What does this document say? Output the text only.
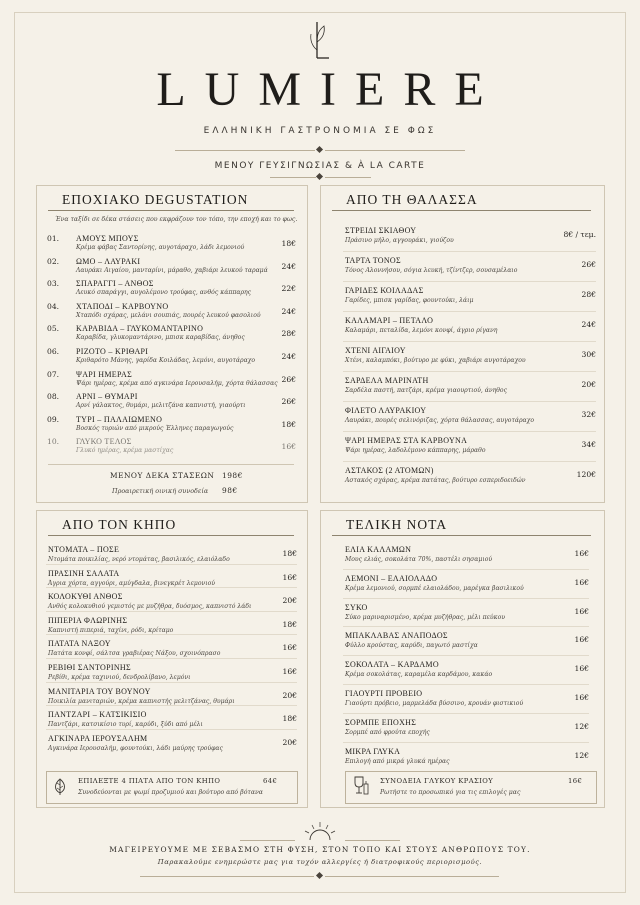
LUMIERE
ΕΛΛΗΝΙΚΗ ΓΑΣΤΡΟΝΟΜΙΑ ΣΕ ΦΩΣ
ΜΕΝΟΥ ΓΕΥΣΙΓΝΩΣΙΑΣ & À LA CARTE
ΕΠΟΧΙΑΚΟ DEGUSTATION
Ένα ταξίδι σε δέκα στάσεις που εκφράζουν τον τόπο, την εποχή και το φως.
01. ΑΜΟΥΣ ΜΠΟΥΣ
Κρέμα φάβας Σαντορίνης, αυγοτάραχο, λάδι λεμονιού	18€
02. ΩΜΟ – ΛΑΥΡΑΚΙ
Λαυράκι Αιγαίου, μανταρίνι, μάραθο, χαβιάρι λευκού ταραμά	24€
03. ΣΠΑΡΑΓΓΙ – ΑΝΘΟΣ
Λευκό σπαράγγι, αυγολέμονο τρούφας, ανθός κάππαρης	22€
04. ΧΤΑΠΟΔΙ – ΚΑΡΒΟΥΝΟ
Χταπόδι σχάρας, μελάνι σουπιάς, πουρές λευκού φασολιού	24€
05. ΚΑΡΑΒΙΔΑ – ΓΛΥΚΟΜΑΝΤΑΡΙΝΟ
Καραβίδα, γλυκομαντάρινο, μπισκ καραβίδας, άνηθος	28€
06. ΡΙΖΟΤΟ – ΚΡΙΘΑΡΙ
Κριθαρότο Μάνης, γαρίδα Κοιλάδας, λεμόνι, αυγοτάραχο	24€
07. ΨΑΡΙ ΗΜΕΡΑΣ
Ψάρι ημέρας, κρέμα από αγκινάρα Ιερουσαλήμ, χόρτα θάλασσας 26€
08. ΑΡΝΙ – ΘΥΜΑΡΙ
Αρνί γάλακτος, θυμάρι, μελιτζάνα καπνιστή, γιαούρτι	26€
09. ΤΥΡΙ – ΠΑΛΑΙΩΜΕΝΟ
Βοσκός τυριών από μικρούς Έλληνες παραγωγούς	18€
10. ΓΛΥΚΟ ΤΕΛΟΣ
Γλυκό ημέρας, κρέμα μαστίχας	16€
ΜΕΝΟΥ ΔΕΚΑ ΣΤΑΣΕΩΝ 198€
Προαιρετική οινική συνοδεία 98€
ΑΠΟ ΤΗ ΘΑΛΑΣΣΑ
ΣΤΡΕΙΔΙ ΣΚΙΑΘΟΥ
Πράσινο μήλο, αγγουράκι, γιούζου
8€ / τεμ.
ΤΑΡΤΑ ΤΟΝΟΣ
Τόνος Αλοννήσου, σόγια λευκή, τζίντζερ, σουσαμέλαιο
26€
ΓΑΡΙΔΕΣ ΚΟΙΛΑΔΑΣ
Γαρίδες, μπισκ γαρίδας, φουντούκι, λάιμ
28€
ΚΑΛΑΜΑΡΙ – ΠΕΤΑΛΟ
Καλαμάρι, πεταλίδα, λεμόνι κονφί, άγριο ρίγανη
24€
ΧΤΕΝΙ ΑΙΓΑΙΟΥ
Χτένι, καλαμπόκι, βούτυρο με φύκι, χαβιάρι αυγοτάραχου
30€
ΣΑΡΔΕΛΑ ΜΑΡΙΝΑΤΗ
Σαρδέλα παστή, πατζάρι, κρέμα γιαουρτιού, άνηθος
20€
ΦΙΛΕΤΟ ΛΑΥΡΑΚΙΟΥ
Λαυράκι, πουρές σελινόριζας, χόρτα θάλασσας, αυγοτάραχο
32€
ΨΑΡΙ ΗΜΕΡΑΣ ΣΤΑ ΚΑΡΒΟΥΝΑ
Ψάρι ημέρας, λαδολέμονο κάππαρης, μάραθο
34€
ΑΣΤΑΚΟΣ (2 ΑΤΟΜΩΝ)
Αστακός σχάρας, κρέμα πατάτας, βούτυρο εσπεριδοειδών
120€
ΑΠΟ ΤΟΝ ΚΗΠΟ
ΝΤΟΜΑΤΑ – ΠΟΣΕ
Ντομάτα ποικιλίας, νερό ντομάτας, βασιλικός, ελαιόλαδο
18€
ΠΡΑΣΙΝΗ ΣΑΛΑΤΑ
Άγρια χόρτα, αγγούρι, αμύγδαλα, βινεγκρέτ λεμονιού
16€
ΚΟΛΟΚΥΘΙ ΑΝΘΟΣ
Ανθός κολοκυθιού γεμιστός με μυζήθρα, δυόσμος, καπνιστό λάδι
20€
ΠΙΠΕΡΙΑ ΦΛΩΡΙΝΗΣ
Καπνιστή πιπεριά, ταχίνι, ρόδι, κρίταμο
18€
ΠΑΤΑΤΑ ΝΑΞΟΥ
Πατάτα κονφί, σάλτσα γραβιέρας Νάξου, σχοινόπρασο
16€
ΡΕΒΙΘΙ ΣΑΝΤΟΡΙΝΗΣ
Ρεβίθι, κρέμα ταχινιού, δενδρολίβανο, λεμόνι
16€
ΜΑΝΙΤΑΡΙΑ ΤΟΥ ΒΟΥΝΟΥ
Ποικιλία μανιταριών, κρέμα καπνιστής μελιτζάνας, θυμάρι
20€
ΠΑΝΤΖΑΡΙ – ΚΑΤΣΙΚΙΣΙΟ
Παντζάρι, κατσικίσιο τυρί, καρύδι, ξύδι από μέλι
18€
ΑΓΚΙΝΑΡΑ ΙΕΡΟΥΣΑΛΗΜ
Αγκινάρα Ιερουσαλήμ, φουντούκι, λάδι μαύρης τρούφας
20€
ΕΠΙΛΕΞΤΕ 4 ΠΙΑΤΑ ΑΠΟ ΤΟΝ ΚΗΠΟ	64€
Συνοδεύονται με ψωμί προζυμιού και βούτυρο από βότανα
ΤΕΛΙΚΗ ΝΟΤΑ
ΕΛΙΑ ΚΑΛΑΜΩΝ
Μους ελιάς, σοκολάτα 70%, παστέλι σησαμιού
16€
ΛΕΜΟΝΙ – ΕΛΑΙΟΛΑΔΟ
Κρέμα λεμονιού, σορμπέ ελαιολάδου, μαρέγκα βασιλικού
16€
ΣΥΚΟ
Σύκο μαριναρισμένο, κρέμα μυζήθρας, μέλι πεύκου
16€
ΜΠΑΚΛΑΒΑΣ ΑΝΑΠΟΔΟΣ
Φύλλο κρούστας, καρύδι, παγωτό μαστίχα
16€
ΣΟΚΟΛΑΤΑ – ΚΑΡΔΑΜΟ
Κρέμα σοκολάτας, καραμέλα καρδάμου, κακάο
16€
ΓΙΑΟΥΡΤΙ ΠΡΟΒΕΙΟ
Γιαούρτι πρόβειο, μαρμελάδα βύσσινο, κρουάν φιστικιού
16€
ΣΟΡΜΠΕ ΕΠΟΧΗΣ
Σορμπέ από φρούτα εποχής
12€
ΜΙΚΡΑ ΓΛΥΚΑ
Επιλογή από μικρά γλυκά ημέρας
12€
ΣΥΝΟΔΕΙΑ ΓΛΥΚΟΥ ΚΡΑΣΙΟΥ	16€
Ρωτήστε το προσωπικό για τις επιλογές μας
ΜΑΓΕΙΡΕΥΟΥΜΕ ΜΕ ΣΕΒΑΣΜΟ ΣΤΗ ΦΥΣΗ, ΣΤΟΝ ΤΟΠΟ ΚΑΙ ΣΤΟΥΣ ΑΝΘΡΩΠΟΥΣ ΤΟΥ.
Παρακαλούμε ενημερώστε μας για τυχόν αλλεργίες ή διατροφικούς περιορισμούς.
